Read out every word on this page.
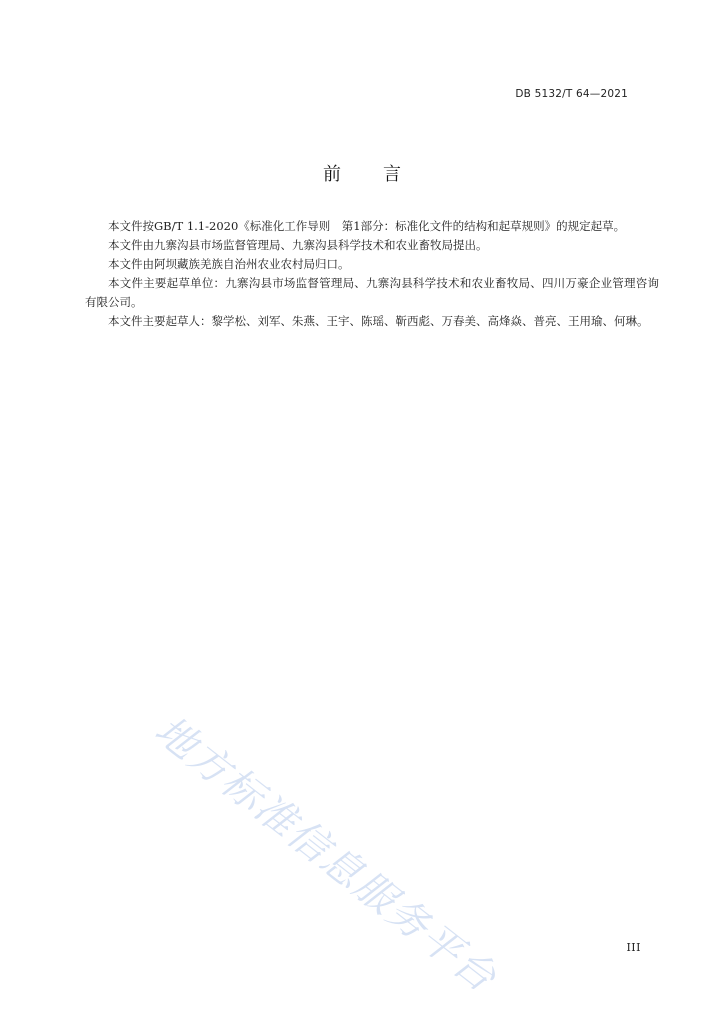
DB 5132/T 64—2021
前 言

本文件按GB/T 1.1-2020《标准化工作导则　第1部分：标准化文件的结构和起草规则》的规定起草。

本文件由九寨沟县市场监督管理局、九寨沟县科学技术和农业畜牧局提出。

本文件由阿坝藏族羌族自治州农业农村局归口。

本文件主要起草单位：九寨沟县市场监督管理局、九寨沟县科学技术和农业畜牧局、四川万豪企业管理咨询有限公司。

本文件主要起草人：黎学松、刘军、朱燕、王宇、陈瑶、靳西彪、万春美、高烽焱、普亮、王用瑜、何琳。

地方标准信息服务平台	III
